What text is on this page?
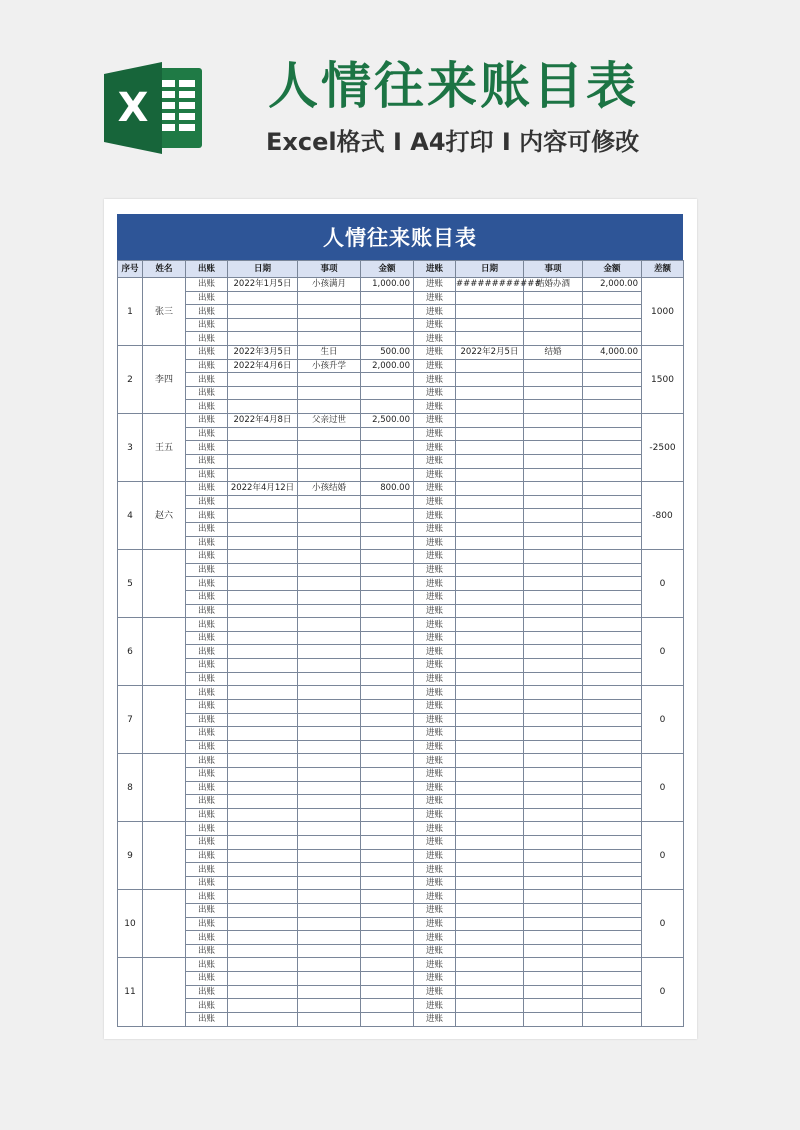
X 人情往来账目表
Excel格式 I A4打印 I 内容可修改
人情往来账目表
序号	姓名	出账	日期	事项	金额	进账	日期	事项	金额	差额
1	张三	出账	2022年1月5日	小孩满月	1,000.00	进账	############	结婚办酒	2,000.00	1000
		出账				进账				
		出账				进账				
		出账				进账				
		出账				进账				
2	李四	出账	2022年3月5日	生日	500.00	进账	2022年2月5日	结婚	4,000.00	1500
		出账	2022年4月6日	小孩升学	2,000.00	进账				
		出账				进账				
		出账				进账				
		出账				进账				
3	王五	出账	2022年4月8日	父亲过世	2,500.00	进账				-2500
		出账				进账				
		出账				进账				
		出账				进账				
		出账				进账				
4	赵六	出账	2022年4月12日	小孩结婚	800.00	进账				-800
		出账				进账				
		出账				进账				
		出账				进账				
		出账				进账				
5		出账				进账				0
		出账				进账				
		出账				进账				
		出账				进账				
		出账				进账				
6		出账				进账				0
		出账				进账				
		出账				进账				
		出账				进账				
		出账				进账				
7		出账				进账				0
		出账				进账				
		出账				进账				
		出账				进账				
		出账				进账				
8		出账				进账				0
		出账				进账				
		出账				进账				
		出账				进账				
		出账				进账				
9		出账				进账				0
		出账				进账				
		出账				进账				
		出账				进账				
		出账				进账				
10		出账				进账				0
		出账				进账				
		出账				进账				
		出账				进账				
		出账				进账				
11		出账				进账				0
		出账				进账				
		出账				进账				
		出账				进账				
		出账				进账				
